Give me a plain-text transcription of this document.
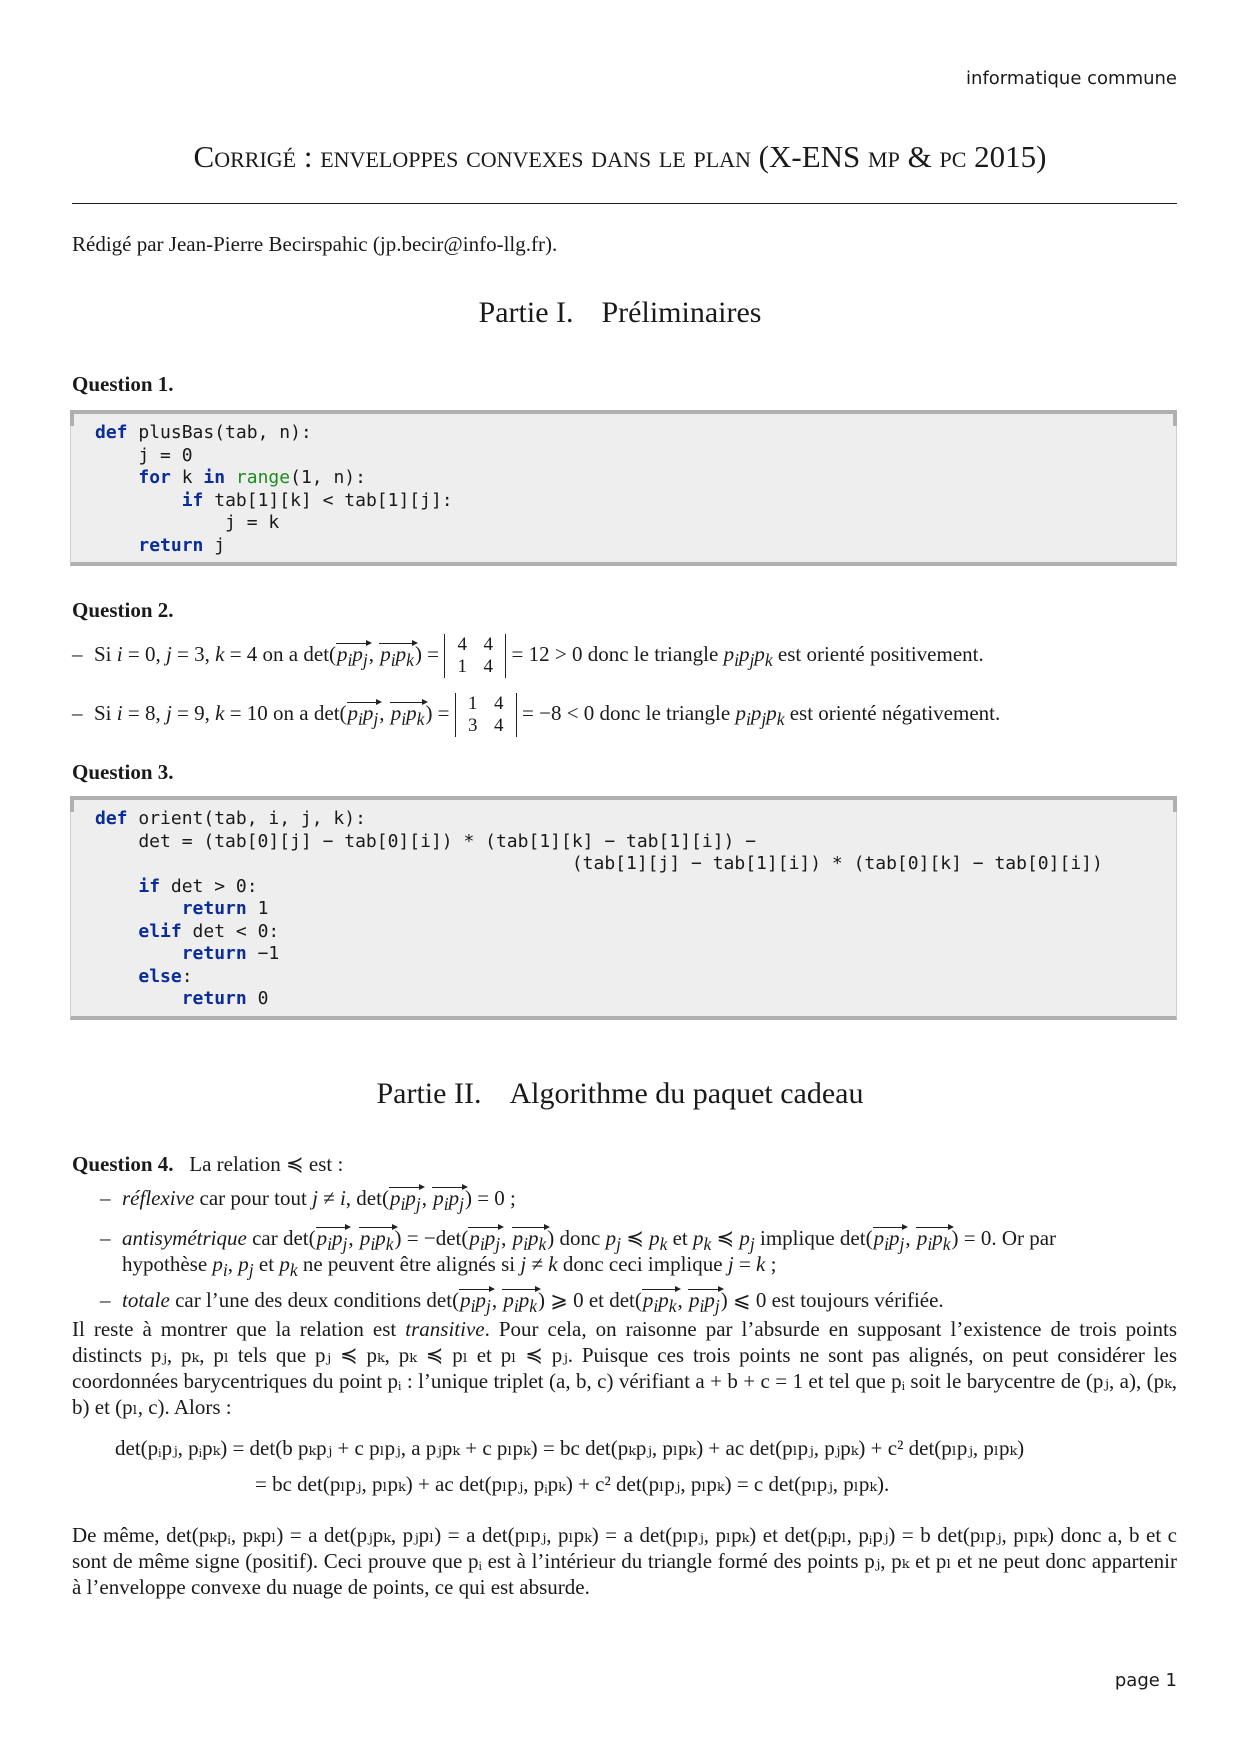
informatique commune
Corrigé : enveloppes convexes dans le plan (X-ENS mp & pc 2015)
Rédigé par Jean-Pierre Becirspahic (jp.becir@info-llg.fr).
Partie I. Préliminaires
Question 1.
def plusBas(tab, n):
j = 0
for k in range(1, n):
if tab[1][k] < tab[1][j]:
j = k
return j
Question 2.
– Si i = 0, j = 3, k = 4 on a $\det(p_ip_j$, $p_ip_k) = 4$ 4
1 4 = 12 > 0 donc le triangle $p_ip_jp_k$ est orienté positivement.
– Si i = 8, j = 9, k = 10 on a $\det(p_ip_j$, $p_ip_k) = 1$ 4
3 4 = −8 < 0 donc le triangle $p_ip_jp_k$ est orienté négativement.
Question 3.
def orient(tab, i, j, k):
det = (tab[0][j] − tab[0][i]) * (tab[1][k] − tab[1][i]) −
(tab[1][j] − tab[1][i]) * (tab[0][k] − tab[0][i])
if det > 0:
return 1
elif det < 0:
return −1
else:
return 0
Partie II. Algorithme du paquet cadeau
Question 4. La relation ≼ est :
– réflexive car pour tout j ≠ i, $\det(p_ip_j$, $p_ip_j) = 0$ ;
– antisymétrique car $\det(p_ip_j$, $p_ip_k) = -\det(p_ip_j$, $p_ip_k$) donc $p_j$ ≼ $p_k$ et $p_k$ ≼ $p_j$ implique $\det(p_ip_j$, $p_ip_k) = 0$. Or par
hypothèse $p_i$, $p_j$ et $p_k$ ne peuvent être alignés si j ≠ k donc ceci implique j = k ;
– totale car l’une des deux conditions $\det(p_ip_j$, $p_ip_k$) ⩾ 0 et $\det(p_ip_k$, $p_ip_j$) ⩽ 0 est toujours vérifiée.
Il reste à montrer que la relation est transitive. Pour cela, on raisonne par l’absurde en supposant l’existence de trois points distincts pⱼ, pₖ, pₗ tels que pⱼ ≼ pₖ, pₖ ≼ pₗ et pₗ ≼ pⱼ. Puisque ces trois points ne sont pas alignés, on peut considérer les coordonnées barycentriques du point pᵢ : l’unique triplet (a, b, c) vérifiant a + b + c = 1 et tel que pᵢ soit le barycentre de (pⱼ, a), (pₖ, b) et (pₗ, c). Alors :
det(pᵢpⱼ, pᵢpₖ) = det(b pₖpⱼ + c pₗpⱼ, a pⱼpₖ + c pₗpₖ) = bc det(pₖpⱼ, pₗpₖ) + ac det(pₗpⱼ, pⱼpₖ) + c² det(pₗpⱼ, pₗpₖ)
= bc det(pₗpⱼ, pₗpₖ) + ac det(pₗpⱼ, pᵢpₖ) + c² det(pₗpⱼ, pₗpₖ) = c det(pₗpⱼ, pₗpₖ).
De même, det(pₖpᵢ, pₖpₗ) = a det(pⱼpₖ, pⱼpₗ) = a det(pₗpⱼ, pₗpₖ) = a det(pₗpⱼ, pₗpₖ) et det(pᵢpₗ, pᵢpⱼ) = b det(pₗpⱼ, pₗpₖ) donc a, b et c sont de même signe (positif). Ceci prouve que pᵢ est à l’intérieur du triangle formé des points pⱼ, pₖ et pₗ et ne peut donc appartenir à l’enveloppe convexe du nuage de points, ce qui est absurde.
page 1
